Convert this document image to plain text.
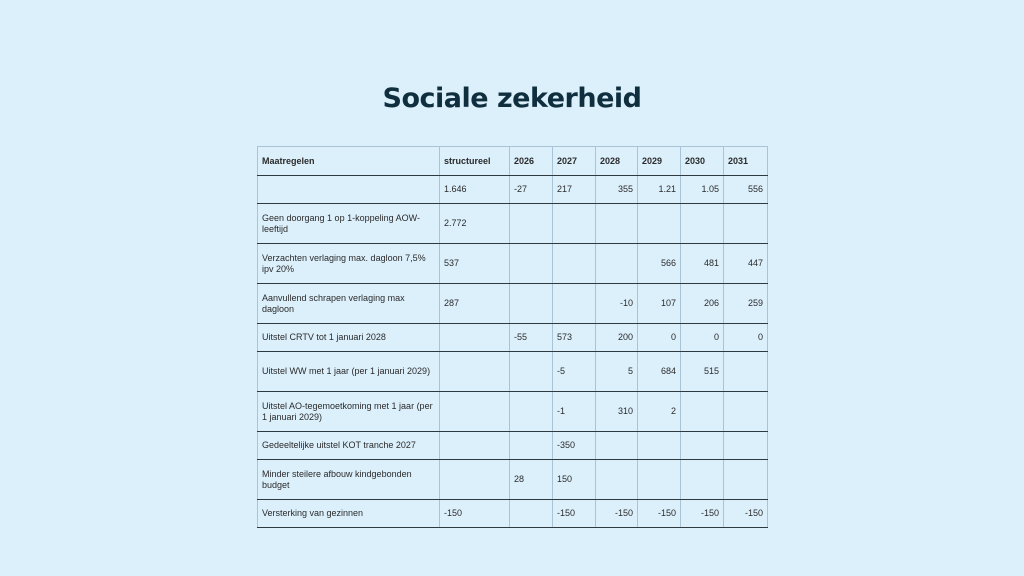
Sociale zekerheid
Maatregelen	structureel	2026	2027	2028	2029	2030	2031
	1.646	-27	217	355	1.21	1.05	556
Geen doorgang 1 op 1-koppeling AOW-leeftijd	2.772						
Verzachten verlaging max. dagloon 7,5% ipv 20%	537				566	481	447
Aanvullend schrapen verlaging max dagloon	287			-10	107	206	259
Uitstel CRTV tot 1 januari 2028		-55	573	200	0	0	0
Uitstel WW met 1 jaar (per 1 januari 2029)			-5	5	684	515	
Uitstel AO-tegemoetkoming met 1 jaar (per 1 januari 2029)			-1	310	2		
Gedeeltelijke uitstel KOT tranche 2027			-350				
Minder steilere afbouw kindgebonden budget		28	150				
Versterking van gezinnen	-150		-150	-150	-150	-150	-150
